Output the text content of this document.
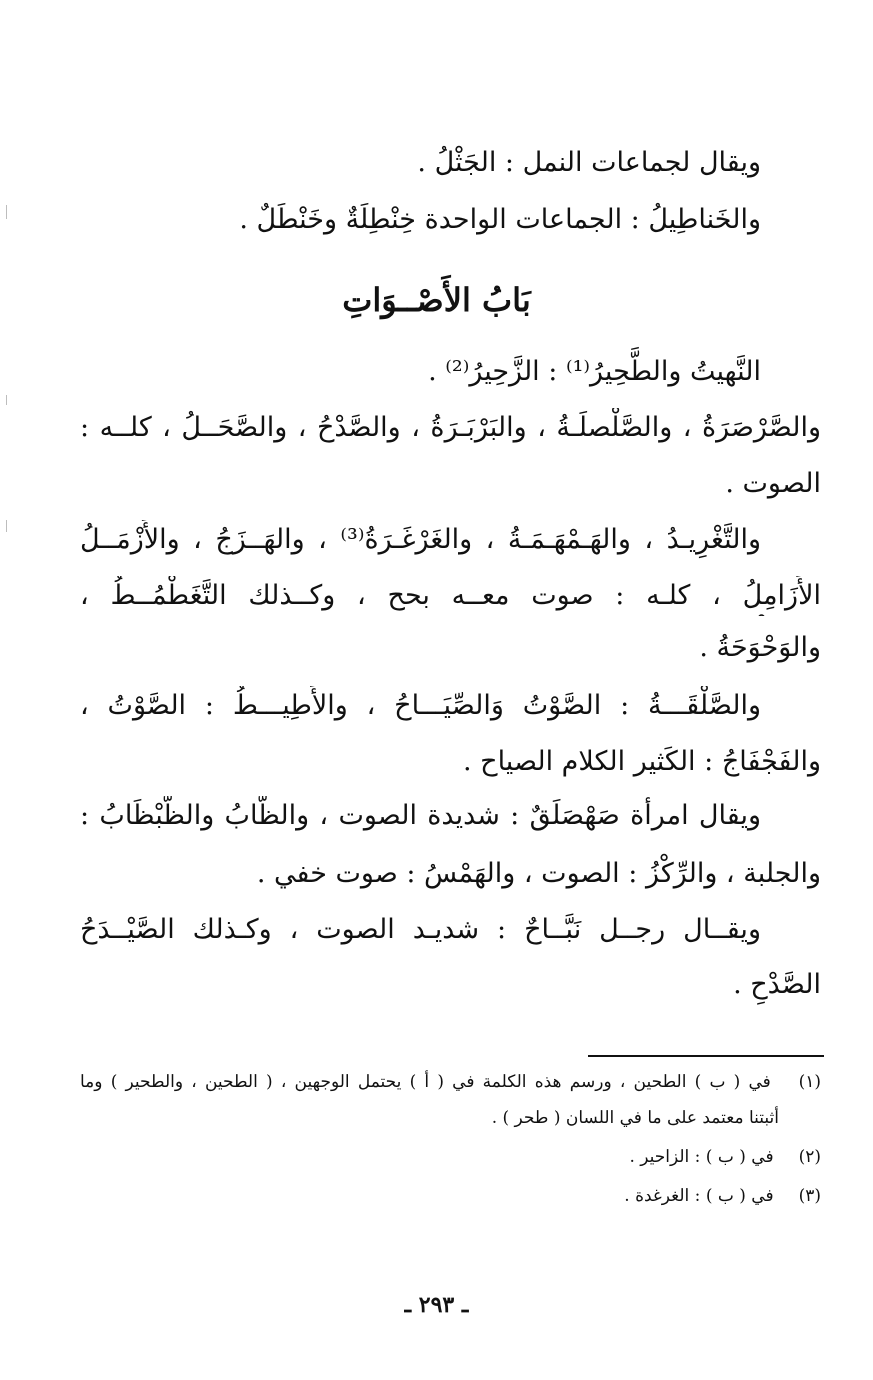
ويقال لجماعات النمل : الجَثْلُ .
والخَناطِيلُ : الجماعات الواحدة خِنْطِلَةٌ وخَنْطَلٌ .
بَابُ الأَصْــوَاتِ
النَّهيتُ والطَّحِيرُ⁽¹⁾ : الزَّحِيرُ⁽²⁾ .
والصَّرْصَرَةُ ، والصَّلْصلَـةُ ، والبَرْبَـرَةُ ، والصَّدْحُ ، والصَّحَــلُ ، كلــه :
الصوت .
والتَّغْرِيـدُ ، والهَـمْهَـمَـةُ ، والغَرْغَـرَةُ⁽³⁾ ، والهَــزَجُ ، والأَزْمَــلُ
الأَزَامِلُ ، كلـه : صوت معــه بحح ، وكــذلك التَّغَطْمُــطُ ،
والوَحْوَحَةُ .
والصَّلْقَـــةُ : الصَّوْتُ وَالصِّيَـــاحُ ، والأَطِيـــطُ : الصَّوْتُ ،
والفَجْفَاجُ : الكَثير الكلام الصياح .
ويقال امرأة صَهْصَلَقٌ : شديدة الصوت ، والظَّابُ والظَّبْظَابُ :
والجلبة ، والرِّكْزُ : الصوت ، والهَمْسُ : صوت خفي .
ويقــال رجــل نَبَّــاحٌ : شديـد الصوت ، وكـذلك الصَّيْــدَحُ
الصَّدْحِ .
(١) في ( ب ) الطحين ، ورسم هذه الكلمة في ( أ ) يحتمل الوجهين ، ( الطحين ، والطحير ) وما
أثبتنا معتمد على ما في اللسان ( طحر ) .
(٢) في ( ب ) : الزاحير .
(٣) في ( ب ) : الغرغدة .
ـ ٢٩٣ ـ
